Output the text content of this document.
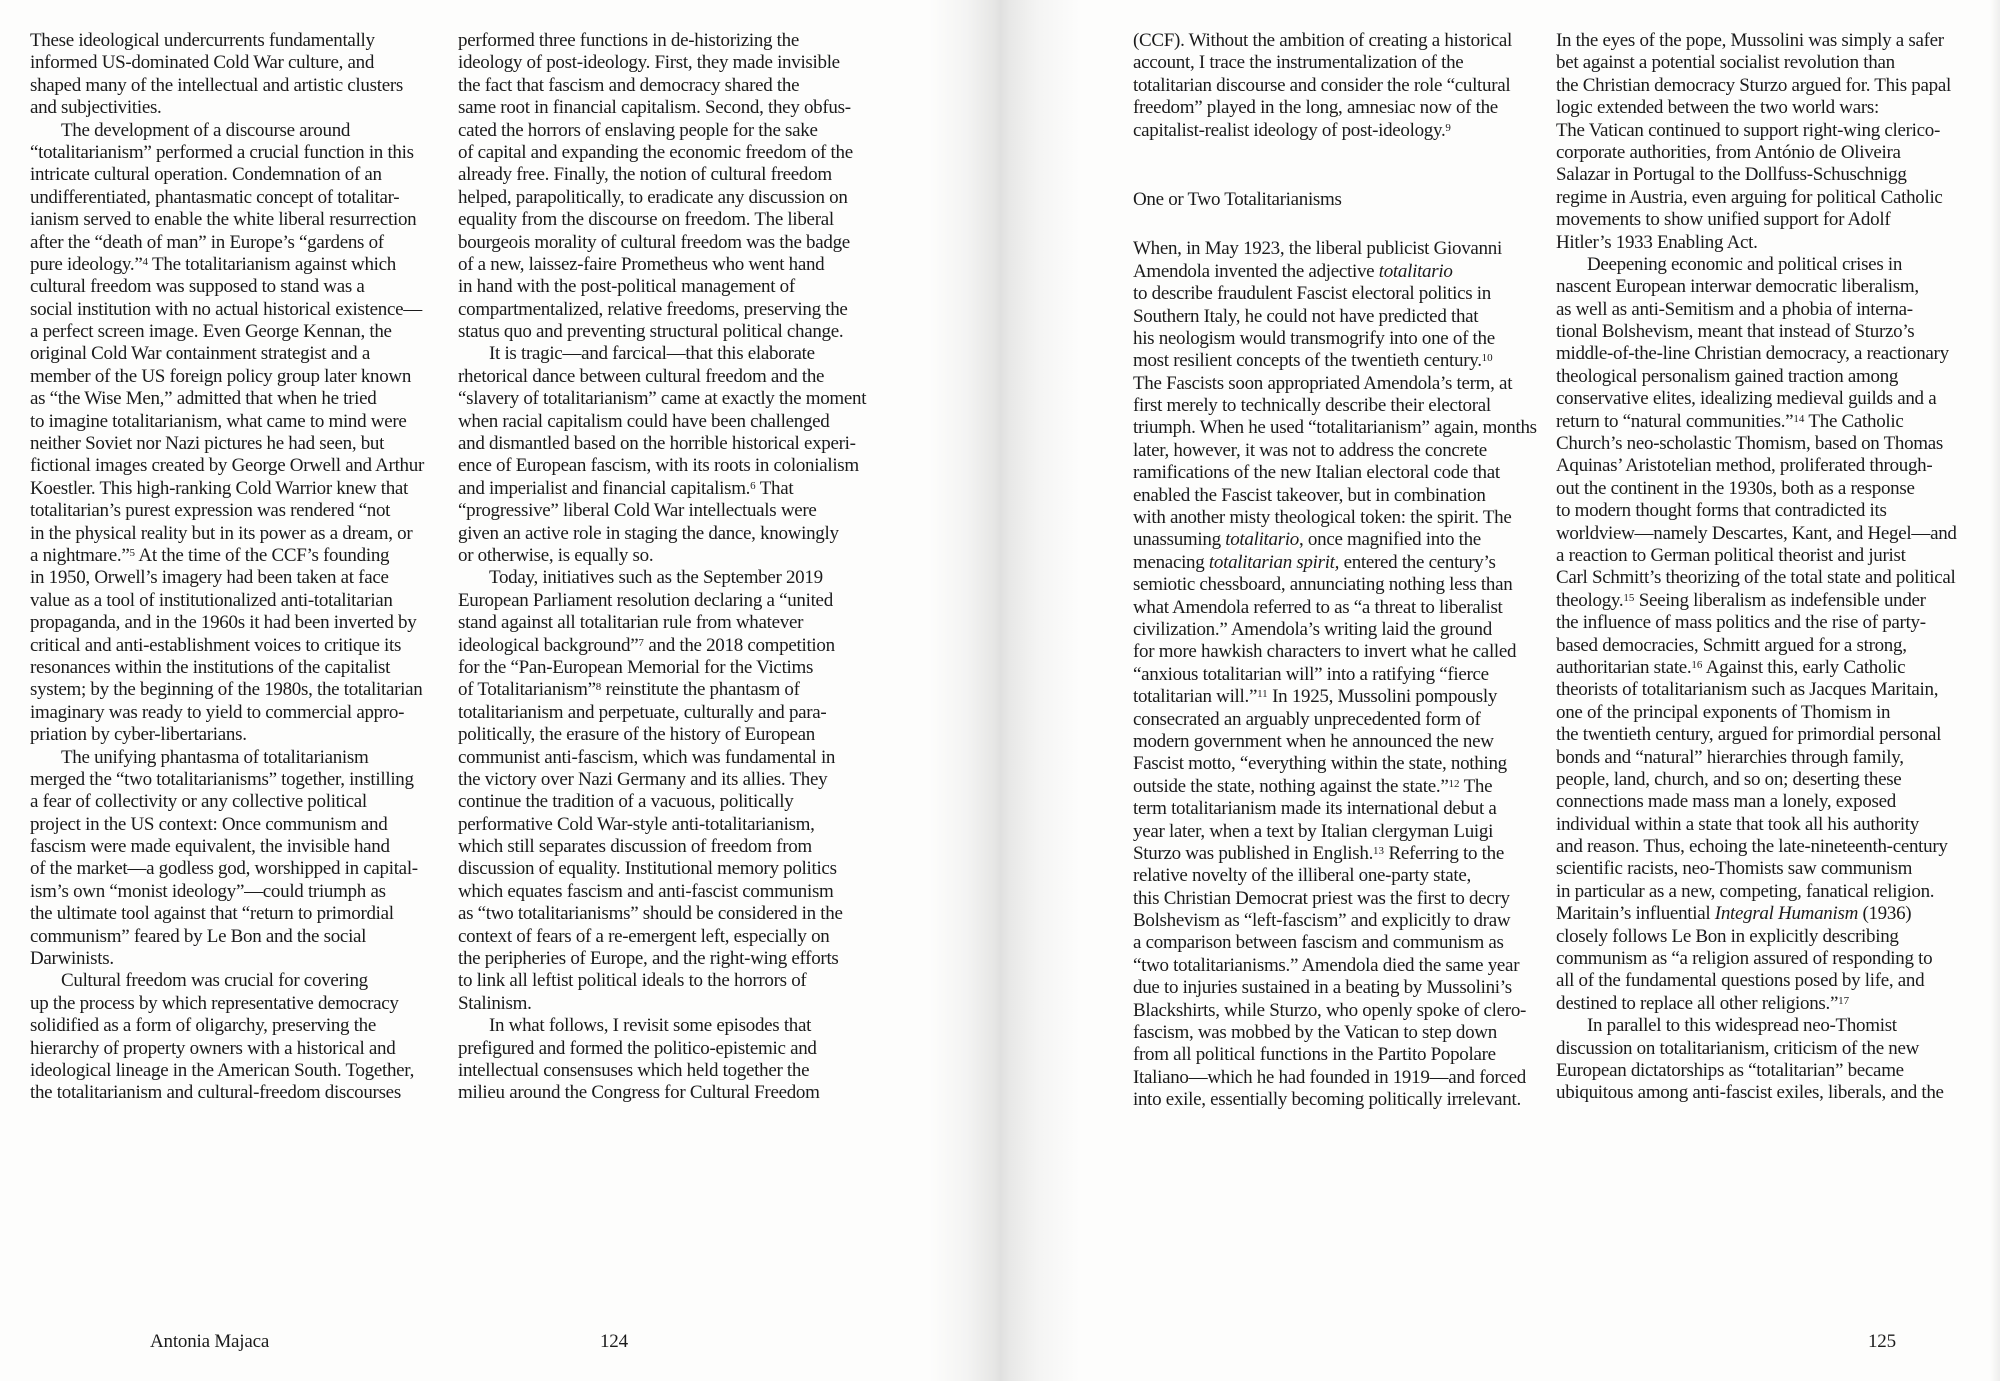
These ideological undercurrents fundamentally
informed US-dominated Cold War culture, and
shaped many of the intellectual and artistic clusters
and subjectivities.
The development of a discourse around
“totalitarianism” performed a crucial function in this
intricate cultural operation. Condemnation of an
undifferentiated, phantasmatic concept of totalitar-
ianism served to enable the white liberal resurrection
after the “death of man” in Europe’s “gardens of
pure ideology.”$^4$ The totalitarianism against which
cultural freedom was supposed to stand was a
social institution with no actual historical existence—
a perfect screen image. Even George Kennan, the
original Cold War containment strategist and a
member of the US foreign policy group later known
as “the Wise Men,” admitted that when he tried
to imagine totalitarianism, what came to mind were
neither Soviet nor Nazi pictures he had seen, but
fictional images created by George Orwell and Arthur
Koestler. This high-ranking Cold Warrior knew that
totalitarian’s purest expression was rendered “not
in the physical reality but in its power as a dream, or
a nightmare.”$^5$ At the time of the CCF’s founding
in 1950, Orwell’s imagery had been taken at face
value as a tool of institutionalized anti-totalitarian
propaganda, and in the 1960s it had been inverted by
critical and anti-establishment voices to critique its
resonances within the institutions of the capitalist
system; by the beginning of the 1980s, the totalitarian
imaginary was ready to yield to commercial appro-
priation by cyber-libertarians.
The unifying phantasma of totalitarianism
merged the “two totalitarianisms” together, instilling
a fear of collectivity or any collective political
project in the US context: Once communism and
fascism were made equivalent, the invisible hand
of the market—a godless god, worshipped in capital-
ism’s own “monist ideology”—could triumph as
the ultimate tool against that “return to primordial
communism” feared by Le Bon and the social
Darwinists.
Cultural freedom was crucial for covering
up the process by which representative democracy
solidified as a form of oligarchy, preserving the
hierarchy of property owners with a historical and
ideological lineage in the American South. Together,
the totalitarianism and cultural-freedom discourses
performed three functions in de-historizing the
ideology of post-ideology. First, they made invisible
the fact that fascism and democracy shared the
same root in financial capitalism. Second, they obfus-
cated the horrors of enslaving people for the sake
of capital and expanding the economic freedom of the
already free. Finally, the notion of cultural freedom
helped, parapolitically, to eradicate any discussion on
equality from the discourse on freedom. The liberal
bourgeois morality of cultural freedom was the badge
of a new, laissez-faire Prometheus who went hand
in hand with the post-political management of
compartmentalized, relative freedoms, preserving the
status quo and preventing structural political change.
It is tragic—and farcical—that this elaborate
rhetorical dance between cultural freedom and the
“slavery of totalitarianism” came at exactly the moment
when racial capitalism could have been challenged
and dismantled based on the horrible historical experi-
ence of European fascism, with its roots in colonialism
and imperialist and financial capitalism.$^6$ That
“progressive” liberal Cold War intellectuals were
given an active role in staging the dance, knowingly
or otherwise, is equally so.
Today, initiatives such as the September 2019
European Parliament resolution declaring a “united
stand against all totalitarian rule from whatever
ideological background”$^7$ and the 2018 competition
for the “Pan-European Memorial for the Victims
of Totalitarianism”$^8$ reinstitute the phantasm of
totalitarianism and perpetuate, culturally and para-
politically, the erasure of the history of European
communist anti-fascism, which was fundamental in
the victory over Nazi Germany and its allies. They
continue the tradition of a vacuous, politically
performative Cold War-style anti-totalitarianism,
which still separates discussion of freedom from
discussion of equality. Institutional memory politics
which equates fascism and anti-fascist communism
as “two totalitarianisms” should be considered in the
context of fears of a re-emergent left, especially on
the peripheries of Europe, and the right-wing efforts
to link all leftist political ideals to the horrors of
Stalinism.
In what follows, I revisit some episodes that
prefigured and formed the politico-epistemic and
intellectual consensuses which held together the
milieu around the Congress for Cultural Freedom
Antonia Majaca	124
(CCF). Without the ambition of creating a historical
account, I trace the instrumentalization of the
totalitarian discourse and consider the role “cultural
freedom” played in the long, amnesiac now of the
capitalist-realist ideology of post-ideology.$^9$
One or Two Totalitarianisms
When, in May 1923, the liberal publicist Giovanni
Amendola invented the adjective totalitario
to describe fraudulent Fascist electoral politics in
Southern Italy, he could not have predicted that
his neologism would transmogrify into one of the
most resilient concepts of the twentieth century.$^{10}$
The Fascists soon appropriated Amendola’s term, at
first merely to technically describe their electoral
triumph. When he used “totalitarianism” again, months
later, however, it was not to address the concrete
ramifications of the new Italian electoral code that
enabled the Fascist takeover, but in combination
with another misty theological token: the spirit. The
unassuming totalitario, once magnified into the
menacing totalitarian spirit, entered the century’s
semiotic chessboard, annunciating nothing less than
what Amendola referred to as “a threat to liberalist
civilization.” Amendola’s writing laid the ground
for more hawkish characters to invert what he called
“anxious totalitarian will” into a ratifying “fierce
totalitarian will.”$^{11}$ In 1925, Mussolini pompously
consecrated an arguably unprecedented form of
modern government when he announced the new
Fascist motto, “everything within the state, nothing
outside the state, nothing against the state.”$^{12}$ The
term totalitarianism made its international debut a
year later, when a text by Italian clergyman Luigi
Sturzo was published in English.$^{13}$ Referring to the
relative novelty of the illiberal one-party state,
this Christian Democrat priest was the first to decry
Bolshevism as “left-fascism” and explicitly to draw
a comparison between fascism and communism as
“two totalitarianisms.” Amendola died the same year
due to injuries sustained in a beating by Mussolini’s
Blackshirts, while Sturzo, who openly spoke of clero-
fascism, was mobbed by the Vatican to step down
from all political functions in the Partito Popolare
Italiano—which he had founded in 1919—and forced
into exile, essentially becoming politically irrelevant.
In the eyes of the pope, Mussolini was simply a safer
bet against a potential socialist revolution than
the Christian democracy Sturzo argued for. This papal
logic extended between the two world wars:
The Vatican continued to support right-wing clerico-
corporate authorities, from António de Oliveira
Salazar in Portugal to the Dollfuss-Schuschnigg
regime in Austria, even arguing for political Catholic
movements to show unified support for Adolf
Hitler’s 1933 Enabling Act.
Deepening economic and political crises in
nascent European interwar democratic liberalism,
as well as anti-Semitism and a phobia of interna-
tional Bolshevism, meant that instead of Sturzo’s
middle-of-the-line Christian democracy, a reactionary
theological personalism gained traction among
conservative elites, idealizing medieval guilds and a
return to “natural communities.”$^{14}$ The Catholic
Church’s neo-scholastic Thomism, based on Thomas
Aquinas’ Aristotelian method, proliferated through-
out the continent in the 1930s, both as a response
to modern thought forms that contradicted its
worldview—namely Descartes, Kant, and Hegel—and
a reaction to German political theorist and jurist
Carl Schmitt’s theorizing of the total state and political
theology.$^{15}$ Seeing liberalism as indefensible under
the influence of mass politics and the rise of party-
based democracies, Schmitt argued for a strong,
authoritarian state.$^{16}$ Against this, early Catholic
theorists of totalitarianism such as Jacques Maritain,
one of the principal exponents of Thomism in
the twentieth century, argued for primordial personal
bonds and “natural” hierarchies through family,
people, land, church, and so on; deserting these
connections made mass man a lonely, exposed
individual within a state that took all his authority
and reason. Thus, echoing the late-nineteenth-century
scientific racists, neo-Thomists saw communism
in particular as a new, competing, fanatical religion.
Maritain’s influential Integral Humanism (1936)
closely follows Le Bon in explicitly describing
communism as “a religion assured of responding to
all of the fundamental questions posed by life, and
destined to replace all other religions.”$^{17}$
In parallel to this widespread neo-Thomist
discussion on totalitarianism, criticism of the new
European dictatorships as “totalitarian” became
ubiquitous among anti-fascist exiles, liberals, and the
125
